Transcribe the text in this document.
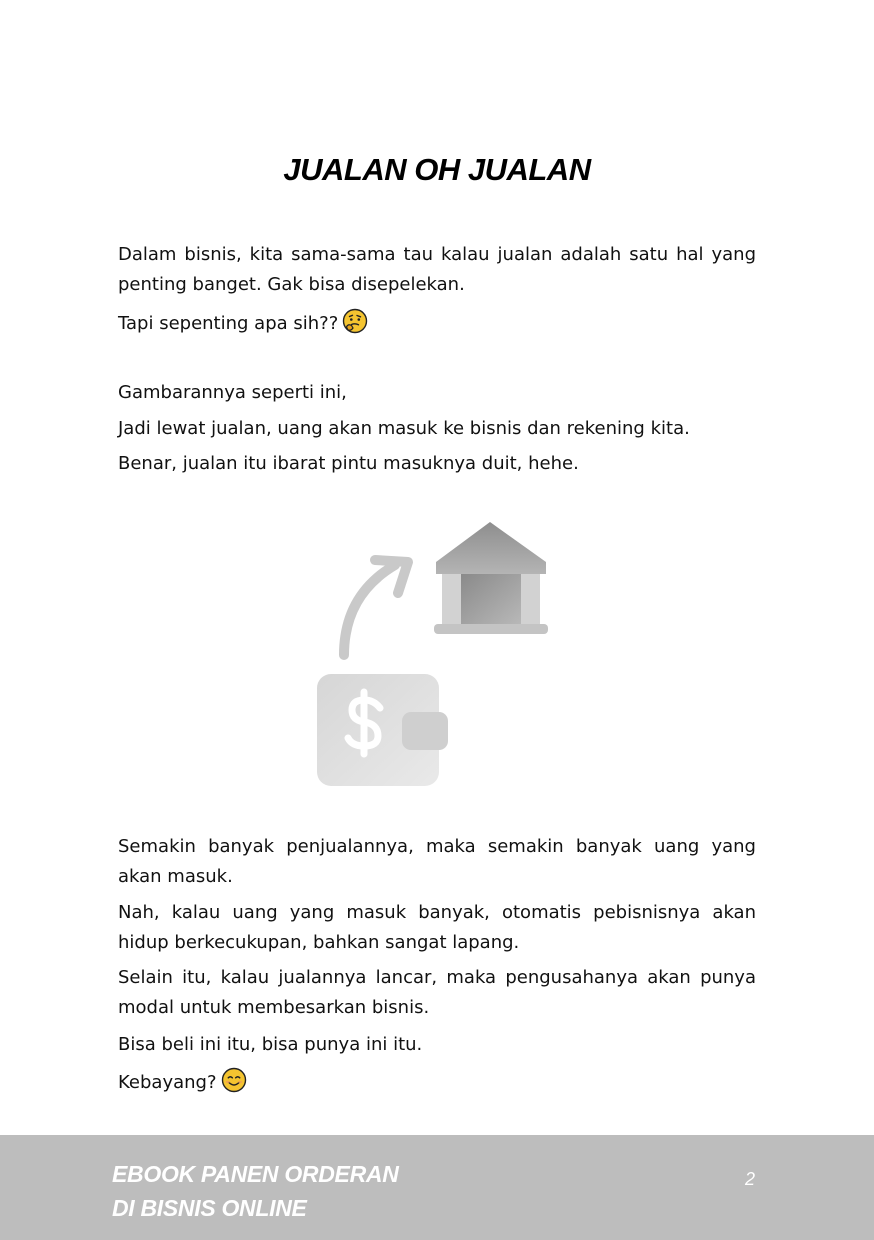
JUALAN OH JUALAN

Dalam bisnis, kita sama-sama tau kalau jualan adalah satu hal yang penting banget. Gak bisa disepelekan.

Tapi sepenting apa sih??

Gambarannya seperti ini,

Jadi lewat jualan, uang akan masuk ke bisnis dan rekening kita.

Benar, jualan itu ibarat pintu masuknya duit, hehe.

Semakin banyak penjualannya, maka semakin banyak uang yang akan masuk.

Nah, kalau uang yang masuk banyak, otomatis pebisnisnya akan hidup berkecukupan, bahkan sangat lapang.

Selain itu, kalau jualannya lancar, maka pengusahanya akan punya modal untuk membesarkan bisnis.

Bisa beli ini itu, bisa punya ini itu.

Kebayang?

EBOOK PANEN ORDERAN
DI BISNIS ONLINE
2
